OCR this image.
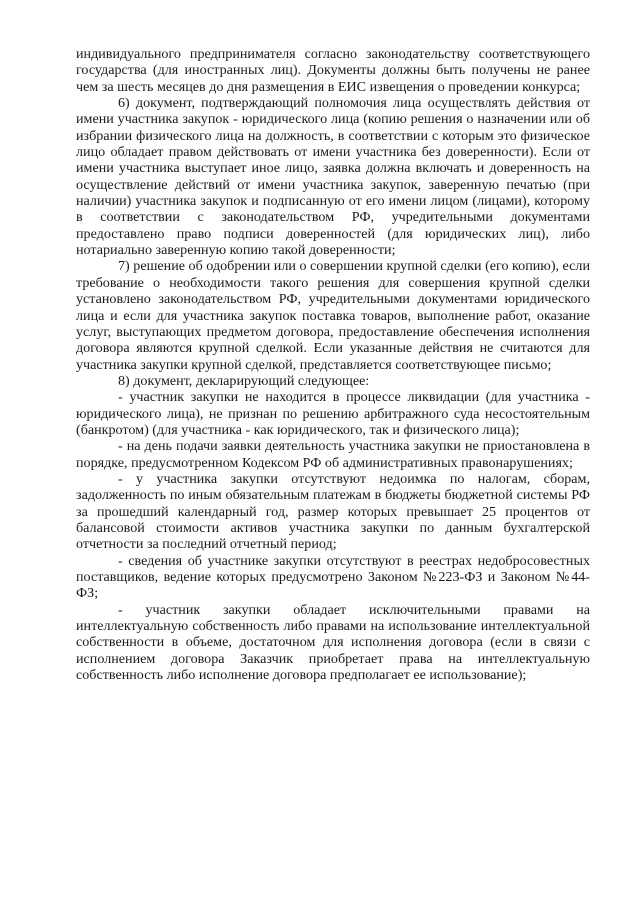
индивидуального предпринимателя согласно законодательству соответствующего государства (для иностранных лиц). Документы должны быть получены не ранее чем за шесть месяцев до дня размещения в ЕИС извещения о проведении конкурса;

6) документ, подтверждающий полномочия лица осуществлять действия от имени участника закупок - юридического лица (копию решения о назначении или об избрании физического лица на должность, в соответствии с которым это физическое лицо обладает правом действовать от имени участника без доверенности). Если от имени участника выступает иное лицо, заявка должна включать и доверенность на осуществление действий от имени участника закупок, заверенную печатью (при наличии) участника закупок и подписанную от его имени лицом (лицами), которому в соответствии с законодательством РФ, учредительными документами предоставлено право подписи доверенностей (для юридических лиц), либо нотариально заверенную копию такой доверенности;

7) решение об одобрении или о совершении крупной сделки (его копию), если требование о необходимости такого решения для совершения крупной сделки установлено законодательством РФ, учредительными документами юридического лица и если для участника закупок поставка товаров, выполнение работ, оказание услуг, выступающих предметом договора, предоставление обеспечения исполнения договора являются крупной сделкой. Если указанные действия не считаются для участника закупки крупной сделкой, представляется соответствующее письмо;

8) документ, декларирующий следующее:

- участник закупки не находится в процессе ликвидации (для участника - юридического лица), не признан по решению арбитражного суда несостоятельным (банкротом) (для участника - как юридического, так и физического лица);

- на день подачи заявки деятельность участника закупки не приостановлена в порядке, предусмотренном Кодексом РФ об административных правонарушениях;

- у участника закупки отсутствуют недоимка по налогам, сборам, задолженность по иным обязательным платежам в бюджеты бюджетной системы РФ за прошедший календарный год, размер которых превышает 25 процентов от балансовой стоимости активов участника закупки по данным бухгалтерской отчетности за последний отчетный период;

- сведения об участнике закупки отсутствуют в реестрах недобросовестных поставщиков, ведение которых предусмотрено Законом №223-ФЗ и Законом №44-ФЗ;

- участник закупки обладает исключительными правами на интеллектуальную собственность либо правами на использование интеллектуальной собственности в объеме, достаточном для исполнения договора (если в связи с исполнением договора Заказчик приобретает права на интеллектуальную собственность либо исполнение договора предполагает ее использование);
